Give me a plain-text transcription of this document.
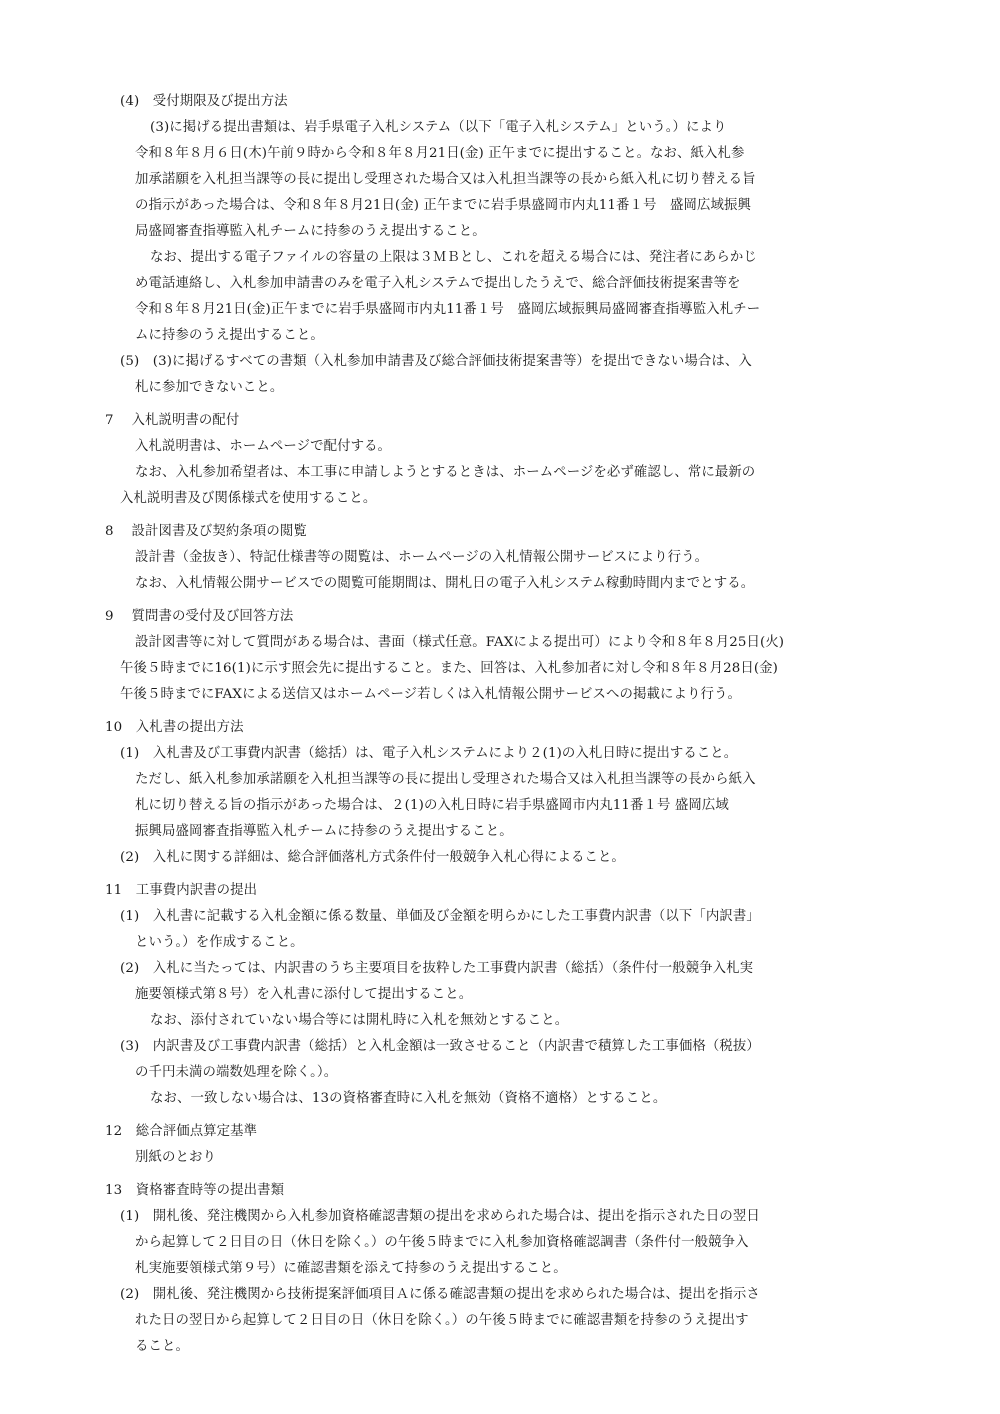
(4)　受付期限及び提出方法
(3)に掲げる提出書類は、岩手県電子入札システム（以下「電子入札システム」という。）により
令和８年８月６日(木)午前９時から令和８年８月21日(金) 正午までに提出すること。なお、紙入札参
加承諾願を入札担当課等の長に提出し受理された場合又は入札担当課等の長から紙入札に切り替える旨
の指示があった場合は、令和８年８月21日(金) 正午までに岩手県盛岡市内丸11番１号　盛岡広域振興
局盛岡審査指導監入札チームに持参のうえ提出すること。
なお、提出する電子ファイルの容量の上限は３ＭＢとし、これを超える場合には、発注者にあらかじ
め電話連絡し、入札参加申請書のみを電子入札システムで提出したうえで、総合評価技術提案書等を
令和８年８月21日(金)正午までに岩手県盛岡市内丸11番１号　盛岡広域振興局盛岡審査指導監入札チー
ムに持参のうえ提出すること。
(5)　(3)に掲げるすべての書類（入札参加申請書及び総合評価技術提案書等）を提出できない場合は、入
札に参加できないこと。
7　 入札説明書の配付
入札説明書は、ホームページで配付する。
なお、入札参加希望者は、本工事に申請しようとするときは、ホームページを必ず確認し、常に最新の
入札説明書及び関係様式を使用すること。
8　 設計図書及び契約条項の閲覧
設計書（金抜き）、特記仕様書等の閲覧は、ホームページの入札情報公開サービスにより行う。
なお、入札情報公開サービスでの閲覧可能期間は、開札日の電子入札システム稼動時間内までとする。
9　 質問書の受付及び回答方法
設計図書等に対して質問がある場合は、書面（様式任意。FAXによる提出可）により令和８年８月25日(火)
午後５時までに16(1)に示す照会先に提出すること。また、回答は、入札参加者に対し令和８年８月28日(金)
午後５時までにFAXによる送信又はホームページ若しくは入札情報公開サービスへの掲載により行う。
10　入札書の提出方法
(1)　入札書及び工事費内訳書（総括）は、電子入札システムにより２(1)の入札日時に提出すること。
ただし、紙入札参加承諾願を入札担当課等の長に提出し受理された場合又は入札担当課等の長から紙入
札に切り替える旨の指示があった場合は、２(1)の入札日時に岩手県盛岡市内丸11番１号 盛岡広域
振興局盛岡審査指導監入札チームに持参のうえ提出すること。
(2)　入札に関する詳細は、総合評価落札方式条件付一般競争入札心得によること。
11　工事費内訳書の提出
(1)　入札書に記載する入札金額に係る数量、単価及び金額を明らかにした工事費内訳書（以下「内訳書」
という。）を作成すること。
(2)　入札に当たっては、内訳書のうち主要項目を抜粋した工事費内訳書（総括）（条件付一般競争入札実
施要領様式第８号）を入札書に添付して提出すること。
なお、添付されていない場合等には開札時に入札を無効とすること。
(3)　内訳書及び工事費内訳書（総括）と入札金額は一致させること（内訳書で積算した工事価格（税抜）
の千円未満の端数処理を除く。）。
なお、一致しない場合は、13の資格審査時に入札を無効（資格不適格）とすること。
12　総合評価点算定基準
別紙のとおり
13　資格審査時等の提出書類
(1)　開札後、発注機関から入札参加資格確認書類の提出を求められた場合は、提出を指示された日の翌日
から起算して２日目の日（休日を除く。）の午後５時までに入札参加資格確認調書（条件付一般競争入
札実施要領様式第９号）に確認書類を添えて持参のうえ提出すること。
(2)　開札後、発注機関から技術提案評価項目Ａに係る確認書類の提出を求められた場合は、提出を指示さ
れた日の翌日から起算して２日目の日（休日を除く。）の午後５時までに確認書類を持参のうえ提出す
ること。
